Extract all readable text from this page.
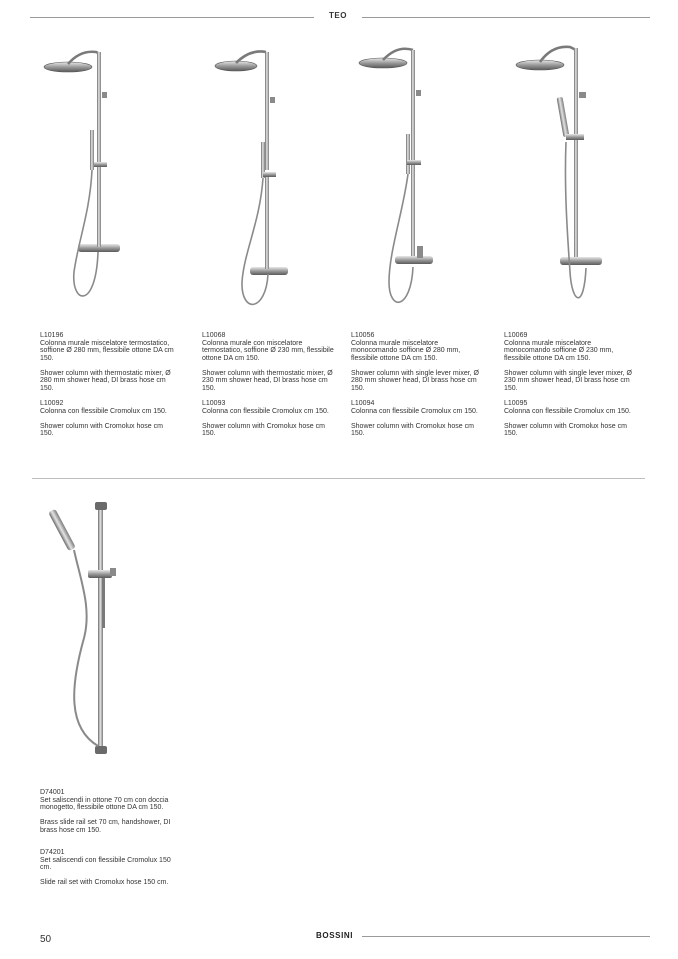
TEO
L10196
Colonna murale miscelatore termostatico, soffione Ø 280 mm, flessibile ottone DA cm 150.
Shower column with thermostatic mixer, Ø 280 mm shower head, DI brass hose cm 150.
L10092
Colonna con flessibile Cromolux cm 150.
Shower column with Cromolux hose cm 150.
L10068
Colonna murale con miscelatore termostatico, soffione Ø 230 mm, flessibile ottone DA cm 150.
Shower column with thermostatic mixer, Ø 230 mm shower head, DI brass hose cm 150.
L10093
Colonna con flessibile Cromolux cm 150.
Shower column with Cromolux hose cm 150.
L10056
Colonna murale miscelatore monocomando soffione Ø 280 mm, flessibile ottone DA cm 150.
Shower column with single lever mixer, Ø 280 mm shower head, DI brass hose cm 150.
L10094
Colonna con flessibile Cromolux cm 150.
Shower column with Cromolux hose cm 150.
L10069
Colonna murale miscelatore monocomando soffione Ø 230 mm, flessibile ottone DA cm 150.
Shower column with single lever mixer, Ø 230 mm shower head, DI brass hose cm 150.
L10095
Colonna con flessibile Cromolux cm 150.
Shower column with Cromolux hose cm 150.
D74001
Set saliscendi in ottone 70 cm con doccia monogetto, flessibile ottone DA cm 150.
Brass slide rail set 70 cm, handshower, DI brass hose cm 150.
D74201
Set saliscendi con flessibile Cromolux 150 cm.
Slide rail set with Cromolux hose 150 cm.
50	BOSSINI
